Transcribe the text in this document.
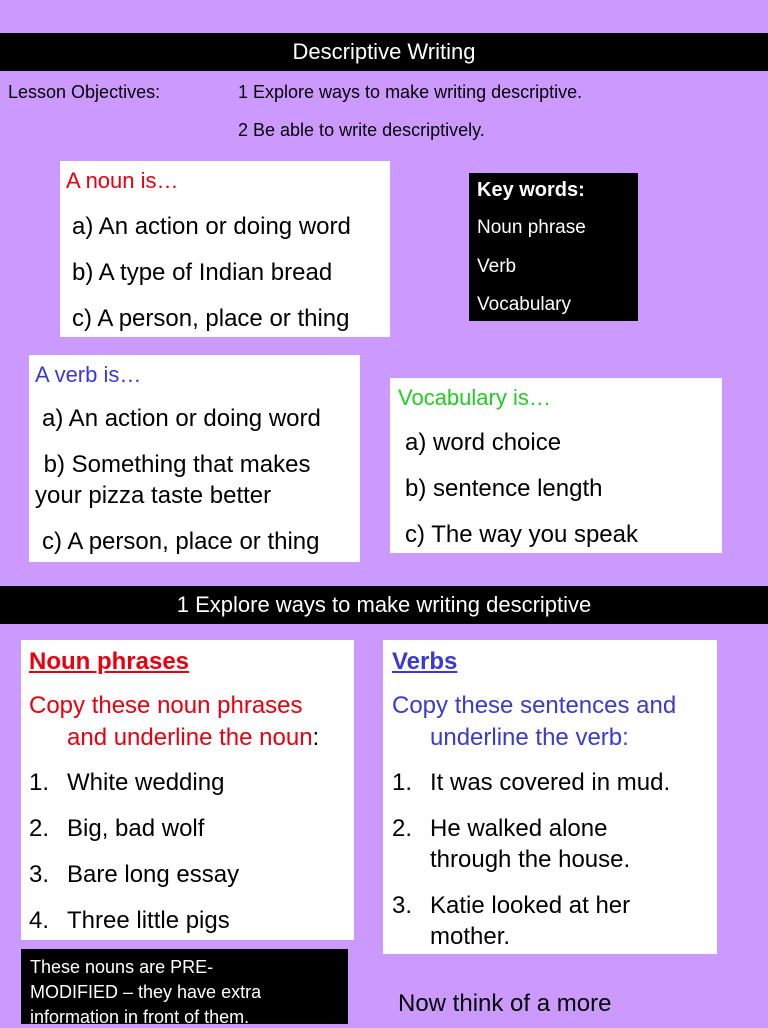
Descriptive Writing
Lesson Objectives:	1 Explore ways to make writing descriptive.
2 Be able to write descriptively.
A noun is…
a) An action or doing word
b) A type of Indian bread
c) A person, place or thing
Key words:
Noun phrase
Verb
Vocabulary
A verb is…
a) An action or doing word
b) Something that makes
your pizza taste better
c) A person, place or thing
Vocabulary is…
a) word choice
b) sentence length
c) The way you speak
1 Explore ways to make writing descriptive
Noun phrases
Copy these noun phrases
and underline the noun:
1. White wedding
2. Big, bad wolf
3. Bare long essay
4. Three little pigs
Verbs
Copy these sentences and
underline the verb:
1. It was covered in mud.
2. He walked alone
through the house.
3. Katie looked at her
mother.
These nouns are PRE-
MODIFIED – they have extra
information in front of them.	Now think of a more
